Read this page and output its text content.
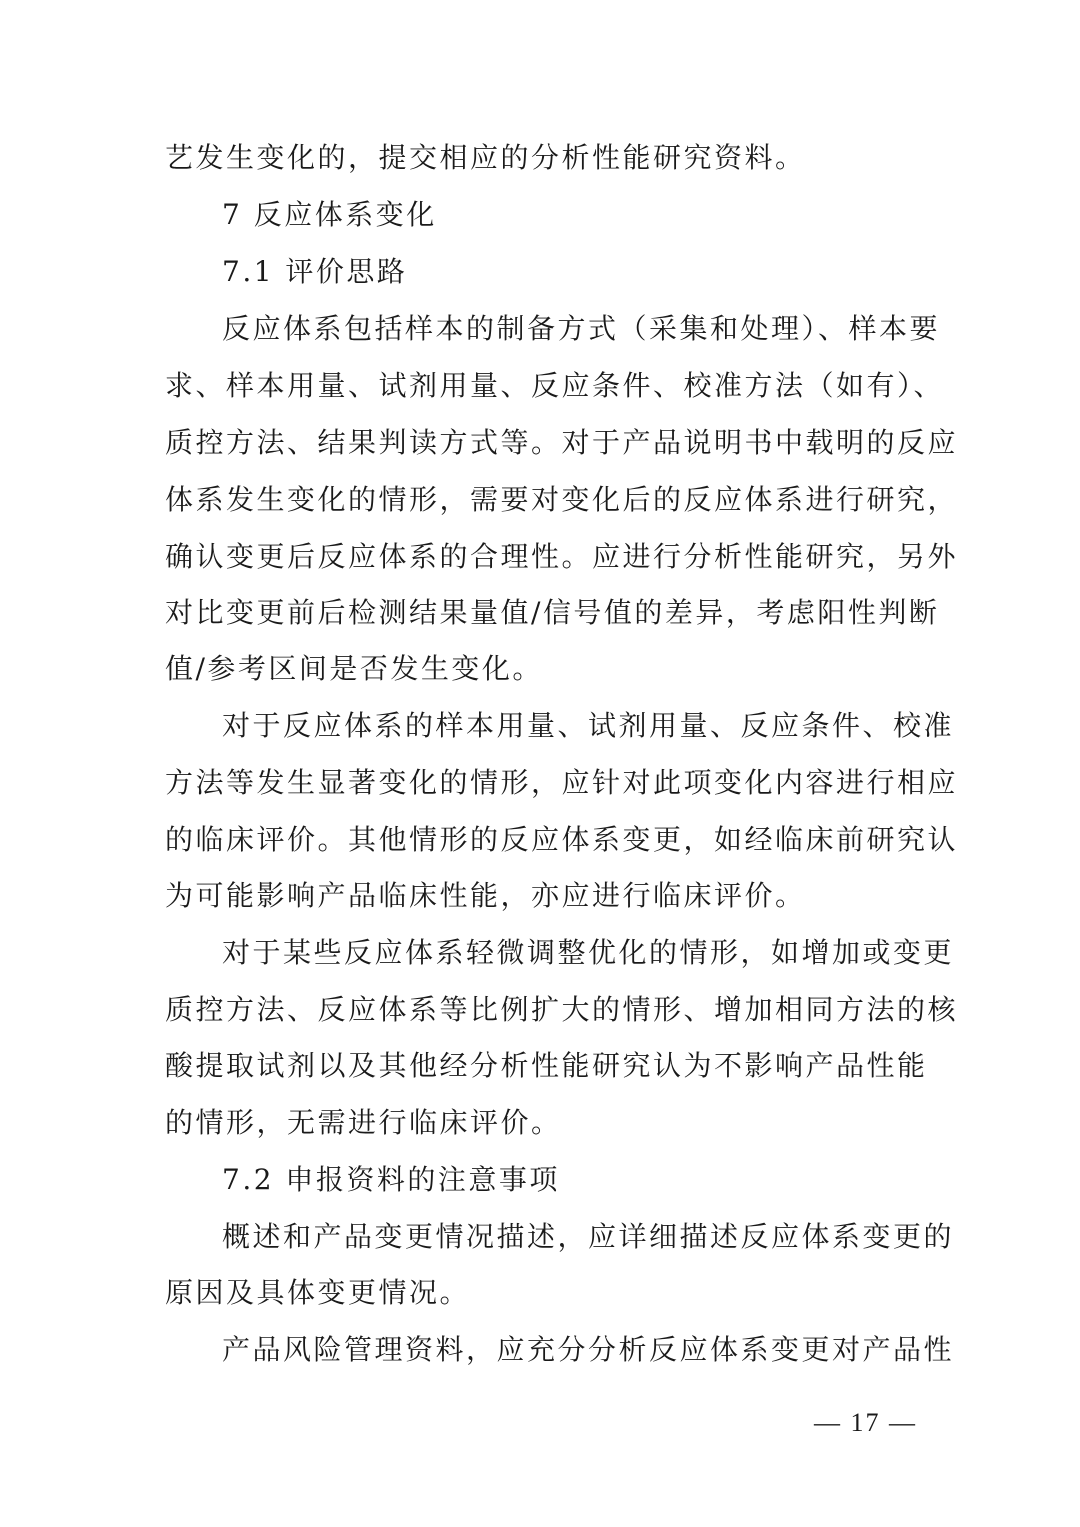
艺发生变化的，提交相应的分析性能研究资料。
7 反应体系变化
7.1 评价思路
反应体系包括样本的制备方式（采集和处理）、样本要
求、样本用量、试剂用量、反应条件、校准方法（如有）、
质控方法、结果判读方式等。对于产品说明书中载明的反应
体系发生变化的情形，需要对变化后的反应体系进行研究，
确认变更后反应体系的合理性。应进行分析性能研究，另外
对比变更前后检测结果量值/信号值的差异，考虑阳性判断
值/参考区间是否发生变化。
对于反应体系的样本用量、试剂用量、反应条件、校准
方法等发生显著变化的情形，应针对此项变化内容进行相应
的临床评价。其他情形的反应体系变更，如经临床前研究认
为可能影响产品临床性能，亦应进行临床评价。
对于某些反应体系轻微调整优化的情形，如增加或变更
质控方法、反应体系等比例扩大的情形、增加相同方法的核
酸提取试剂以及其他经分析性能研究认为不影响产品性能
的情形，无需进行临床评价。
7.2 申报资料的注意事项
概述和产品变更情况描述，应详细描述反应体系变更的
原因及具体变更情况。
产品风险管理资料，应充分分析反应体系变更对产品性
— 17 —
